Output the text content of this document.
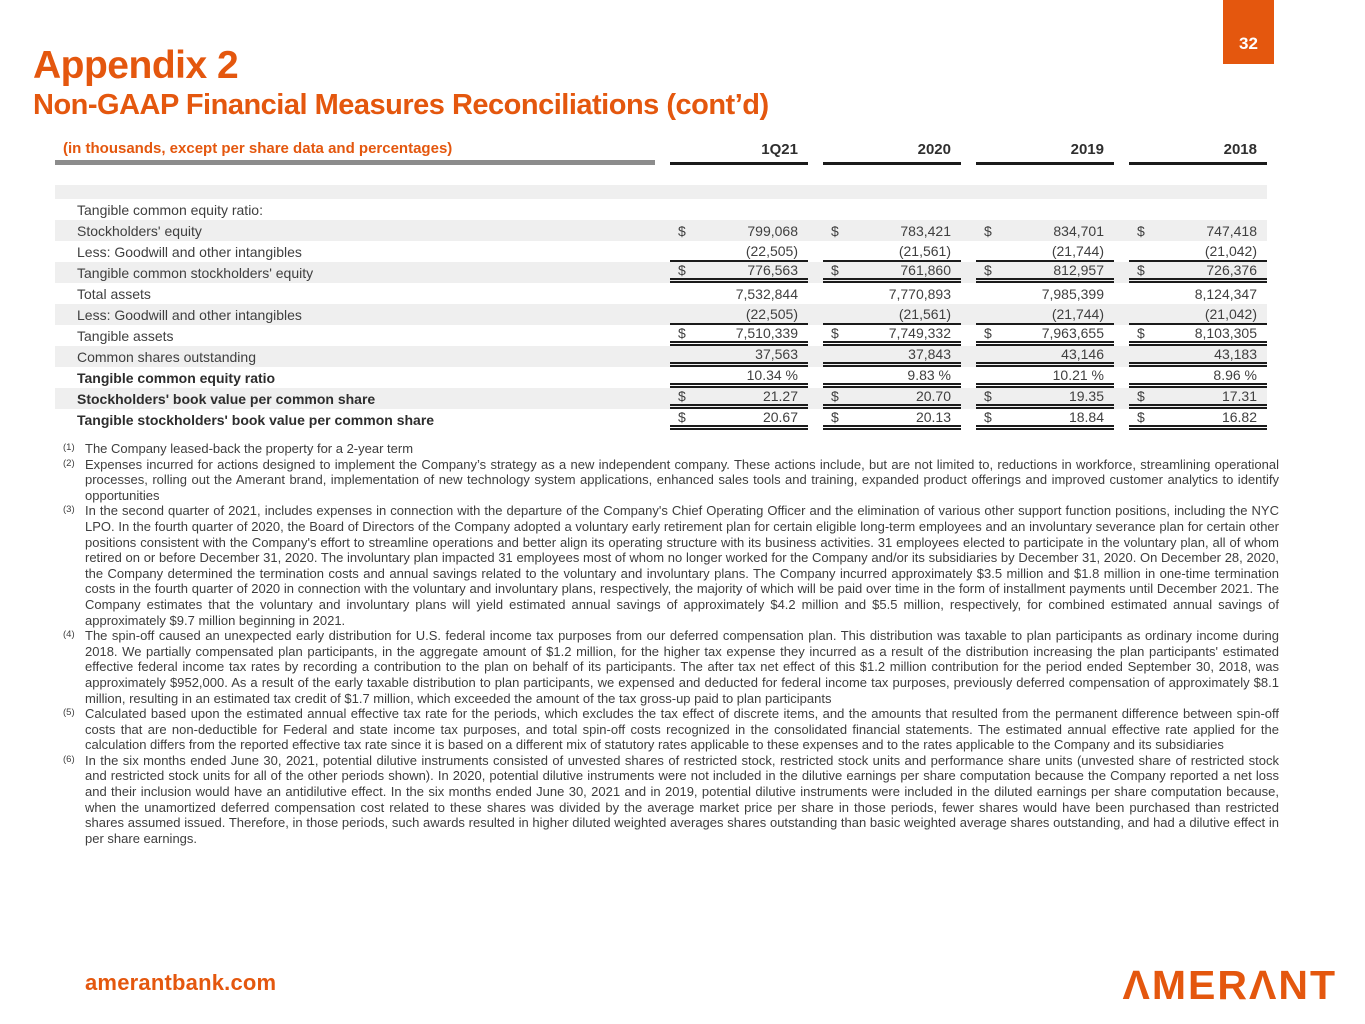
32
Appendix 2
Non-GAAP Financial Measures Reconciliations (cont’d)
(in thousands, except per share data and percentages)	1Q21	2020	2019	2018
Tangible common equity ratio:
Stockholders' equity	$	799,068 $	783,421 $	834,701 $	747,418
Less: Goodwill and other intangibles	(22,505)	(21,561)	(21,744)	(21,042)
Tangible common stockholders' equity	$	776,563 $	761,860 $	812,957 $	726,376
Total assets	7,532,844	7,770,893	7,985,399	8,124,347
Less: Goodwill and other intangibles	(22,505)	(21,561)	(21,744)	(21,042)
Tangible assets	$	7,510,339 $	7,749,332 $	7,963,655 $	8,103,305
Common shares outstanding	37,563	37,843	43,146	43,183
Tangible common equity ratio	10.34 %	9.83 %	10.21 %	8.96 %
Stockholders' book value per common share	$	21.27 $	20.70 $	19.35 $	17.31
Tangible stockholders' book value per common share	$	20.67 $	20.13 $	18.84 $	16.82
(1) The Company leased-back the property for a 2-year term
(2) Expenses incurred for actions designed to implement the Company’s strategy as a new independent company. These actions include, but are not limited to, reductions in workforce, streamlining operational processes, rolling out the Amerant brand, implementation of new technology system applications, enhanced sales tools and training, expanded product offerings and improved customer analytics to identify opportunities
(3) In the second quarter of 2021, includes expenses in connection with the departure of the Company's Chief Operating Officer and the elimination of various other support function positions, including the NYC LPO. In the fourth quarter of 2020, the Board of Directors of the Company adopted a voluntary early retirement plan for certain eligible long-term employees and an involuntary severance plan for certain other positions consistent with the Company's effort to streamline operations and better align its operating structure with its business activities. 31 employees elected to participate in the voluntary plan, all of whom retired on or before December 31, 2020. The involuntary plan impacted 31 employees most of whom no longer worked for the Company and/or its subsidiaries by December 31, 2020. On December 28, 2020, the Company determined the termination costs and annual savings related to the voluntary and involuntary plans. The Company incurred approximately $3.5 million and $1.8 million in one-time termination costs in the fourth quarter of 2020 in connection with the voluntary and involuntary plans, respectively, the majority of which will be paid over time in the form of installment payments until December 2021. The Company estimates that the voluntary and involuntary plans will yield estimated annual savings of approximately $4.2 million and $5.5 million, respectively, for combined estimated annual savings of approximately $9.7 million beginning in 2021.
(4) The spin-off caused an unexpected early distribution for U.S. federal income tax purposes from our deferred compensation plan. This distribution was taxable to plan participants as ordinary income during 2018. We partially compensated plan participants, in the aggregate amount of $1.2 million, for the higher tax expense they incurred as a result of the distribution increasing the plan participants' estimated effective federal income tax rates by recording a contribution to the plan on behalf of its participants. The after tax net effect of this $1.2 million contribution for the period ended September 30, 2018, was approximately $952,000. As a result of the early taxable distribution to plan participants, we expensed and deducted for federal income tax purposes, previously deferred compensation of approximately $8.1 million, resulting in an estimated tax credit of $1.7 million, which exceeded the amount of the tax gross-up paid to plan participants
(5) Calculated based upon the estimated annual effective tax rate for the periods, which excludes the tax effect of discrete items, and the amounts that resulted from the permanent difference between spin-off costs that are non-deductible for Federal and state income tax purposes, and total spin-off costs recognized in the consolidated financial statements. The estimated annual effective rate applied for the calculation differs from the reported effective tax rate since it is based on a different mix of statutory rates applicable to these expenses and to the rates applicable to the Company and its subsidiaries
(6) In the six months ended June 30, 2021, potential dilutive instruments consisted of unvested shares of restricted stock, restricted stock units and performance share units (unvested share of restricted stock and restricted stock units for all of the other periods shown). In 2020, potential dilutive instruments were not included in the dilutive earnings per share computation because the Company reported a net loss and their inclusion would have an antidilutive effect. In the six months ended June 30, 2021 and in 2019, potential dilutive instruments were included in the diluted earnings per share computation because, when the unamortized deferred compensation cost related to these shares was divided by the average market price per share in those periods, fewer shares would have been purchased than restricted shares assumed issued. Therefore, in those periods, such awards resulted in higher diluted weighted averages shares outstanding than basic weighted average shares outstanding, and had a dilutive effect in per share earnings.
amerantbank.com	ΛMERΛNT
